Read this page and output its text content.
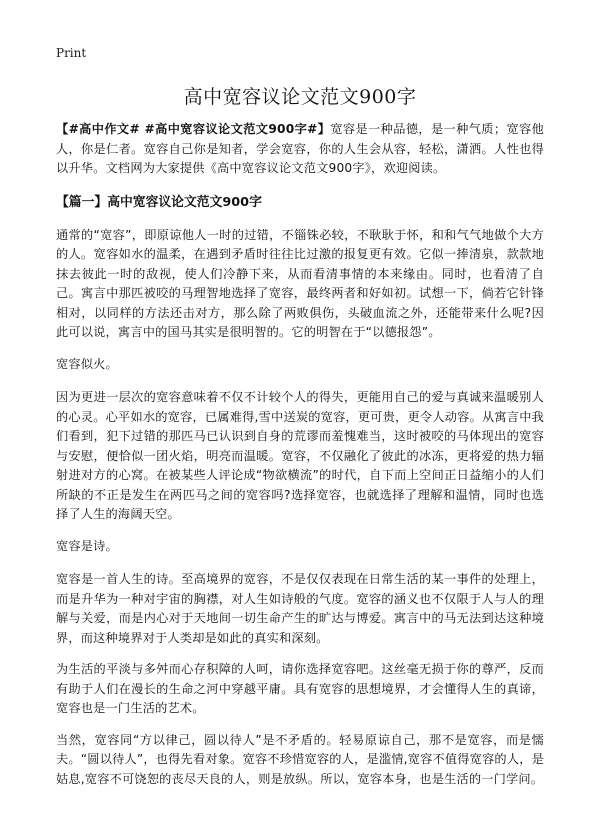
Print
高中宽容议论文范文900字

【#高中作文# #高中宽容议论文范文900字#】宽容是一种品德，是一种气质；宽容他人，你是仁者。宽容自己你是知者，学会宽容，你的人生会从容，轻松，潇洒。人性也得以升华。文档网为大家提供《高中宽容议论文范文900字》，欢迎阅读。

【篇一】高中宽容议论文范文900字

通常的“宽容”，即原谅他人一时的过错，不锱铢必较，不耿耿于怀，和和气气地做个大方的人。宽容如水的温柔，在遇到矛盾时往往比过激的报复更有效。它似一捧清泉，款款地抹去彼此一时的敌视，使人们冷静下来，从而看清事情的本来缘由。同时，也看清了自己。寓言中那匹被咬的马理智地选择了宽容，最终两者和好如初。试想一下，倘若它针锋相对，以同样的方法还击对方，那么除了两败俱伤，头破血流之外，还能带来什么呢?因此可以说，寓言中的国马其实是很明智的。它的明智在于“以德报怨”。

宽容似火。

因为更进一层次的宽容意味着不仅不计较个人的得失，更能用自己的爱与真诚来温暖别人的心灵。心平如水的宽容，已属难得,雪中送炭的宽容，更可贵，更令人动容。从寓言中我们看到，犯下过错的那匹马已认识到自身的荒谬而羞愧难当，这时被咬的马体现出的宽容与安慰，便恰似一团火焰，明亮而温暖。宽容，不仅融化了彼此的冰冻，更将爱的热力辐射进对方的心窝。在被某些人评论成“物欲横流”的时代，自下而上空间正日益缩小的人们所缺的不正是发生在两匹马之间的宽容吗?选择宽容，也就选择了理解和温情，同时也选择了人生的海阔天空。

宽容是诗。

宽容是一首人生的诗。至高境界的宽容，不是仅仅表现在日常生活的某一事件的处理上，而是升华为一种对宇宙的胸襟，对人生如诗般的气度。宽容的涵义也不仅限于人与人的理解与关爱，而是内心对于天地间一切生命产生的旷达与博爱。寓言中的马无法到达这种境界，而这种境界对于人类却是如此的真实和深刻。

为生活的平淡与多舛而心存积障的人呵，请你选择宽容吧。这丝毫无损于你的尊严，反而有助于人们在漫长的生命之河中穿越平庸。具有宽容的思想境界，才会懂得人生的真谛，宽容也是一门生活的艺术。

当然，宽容同“方以律己，圆以待人”是不矛盾的。轻易原谅自己，那不是宽容，而是懦夫。“圆以待人”，也得先看对象。宽容不珍惜宽容的人，是滥情,宽容不值得宽容的人，是姑息,宽容不可饶恕的丧尽天良的人，则是放纵。所以，宽容本身，也是生活的一门学问。
